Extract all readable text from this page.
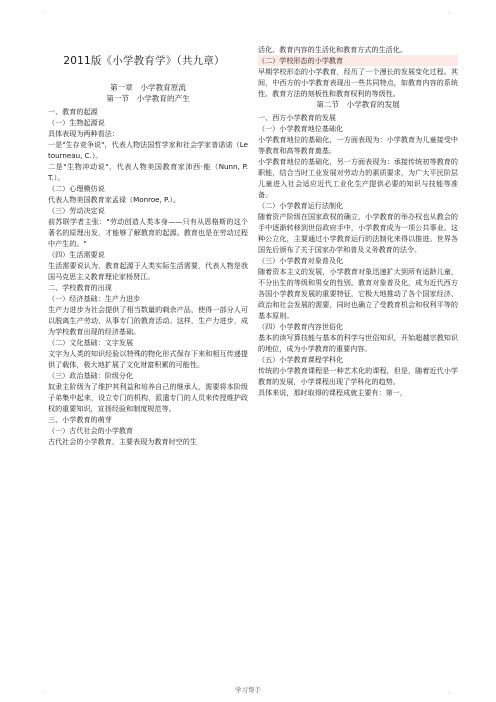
.	.
2011版《小学教育学》（共九章）

第一章　小学教育原流

第一节　小学教育的产生

一、教育的起源

（一）生物起源说

具体表现为两种看法：

一是"生存竞争说"，代表人物法国哲学家和社会学家普诺诺（Letourneau, C.）。

二是"生物冲动说"，代表人物美国教育家沛西·能（Nunn, P. T.）。

（二）心理模仿说

代表人物美国教育家孟禄（Monroe, P.）。

（三）劳动决定说

前苏联学者主张："劳动创造人类本身——只有从恩格斯的这个著名的原理出发，才能够了解教育的起源。教育也是在劳动过程中产生的。"

（四）生活需要说

生活需要说认为，教育起源于人类实际生活需要，代表人物是我国马克思主义教育理论家杨贤江。

二、学校教育的出现

（一）经济基础：生产力进步

生产力进步为社会提供了相当数量的剩余产品，使得一部分人可以脱离生产劳动，从事专门的教育活动。这样，生产力进步，成为学校教育出现的经济基础。

（二）文化基础：文字发展

文字为人类的知识经验以特殊的物化形式保存下来和相互传递提供了载体，极大地扩展了文化财富积累的可能性。

（三）政治基础：阶级分化

奴隶主阶级为了维护其利益和培养自己的继承人，需要将本阶级子弟集中起来，设立专门的机构，派遣专门的人员来传授维护政权的重要知识，宣扬经验和制度规范等。

三、小学教育的萌芽

（一）古代社会的小学教育

古代社会的小学教育，主要表现为教育时空的生

活化、教育内容的生活化和教育方式的生活化。

（二）学校形态的小学教育

早期学校形态的小学教育，经历了一个漫长的发展变化过程。其间，中西方的小学教育表现出一些共同特点，如教育内容的系统性、教育方法的刻板性和教育权利的等级性。

第二节　小学教育的发展

一、西方小学教育的发展

（一）小学教育地位基础化

小学教育地位的基础化，一方面表现为：小学教育为儿童接受中等教育和高等教育奠基。

小学教育地位的基础化，另一方面表现为：承接传统初等教育的职能，结合当时工业发展对劳动力的素质要求，为广大平民阶层儿童进入社会适应近代工业化生产提供必要的知识与技能等准备。

（二）小学教育运行法制化

随着资产阶级在国家政权的确立，小学教育的举办权也从教会的手中逐渐转移到世俗政府手中，小学教育成为一项公共事业。这种公立化，主要通过小学教育运行的法制化来得以推进。世界各国先后颁布了关于国家办学和普及义务教育的法令。

（三）小学教育对象普及化

随着资本主义的发展，小学教育对象迅速扩大到所有适龄儿童，不分出生的等级和男女的性别。教育对象普及化，成为近代西方各国小学教育发展的重要特征，它极大地推动了各个国家经济、政治和社会发展的需要，同时也确立了受教育机会和权利平等的基本原则。

（四）小学教育内容世俗化

基本的读写算技能与基本的科学与世俗知识，开始超越宗教知识的地位，成为小学教育的重要内容。

（五）小学教育课程学科化

传统的小学教育课程是一种艺术化的课程，但是，随着近代小学教育的发展，小学课程出现了学科化的趋势。

具体来说，那时取得的课程成就主要有：第一，

.	学习帮手	.
